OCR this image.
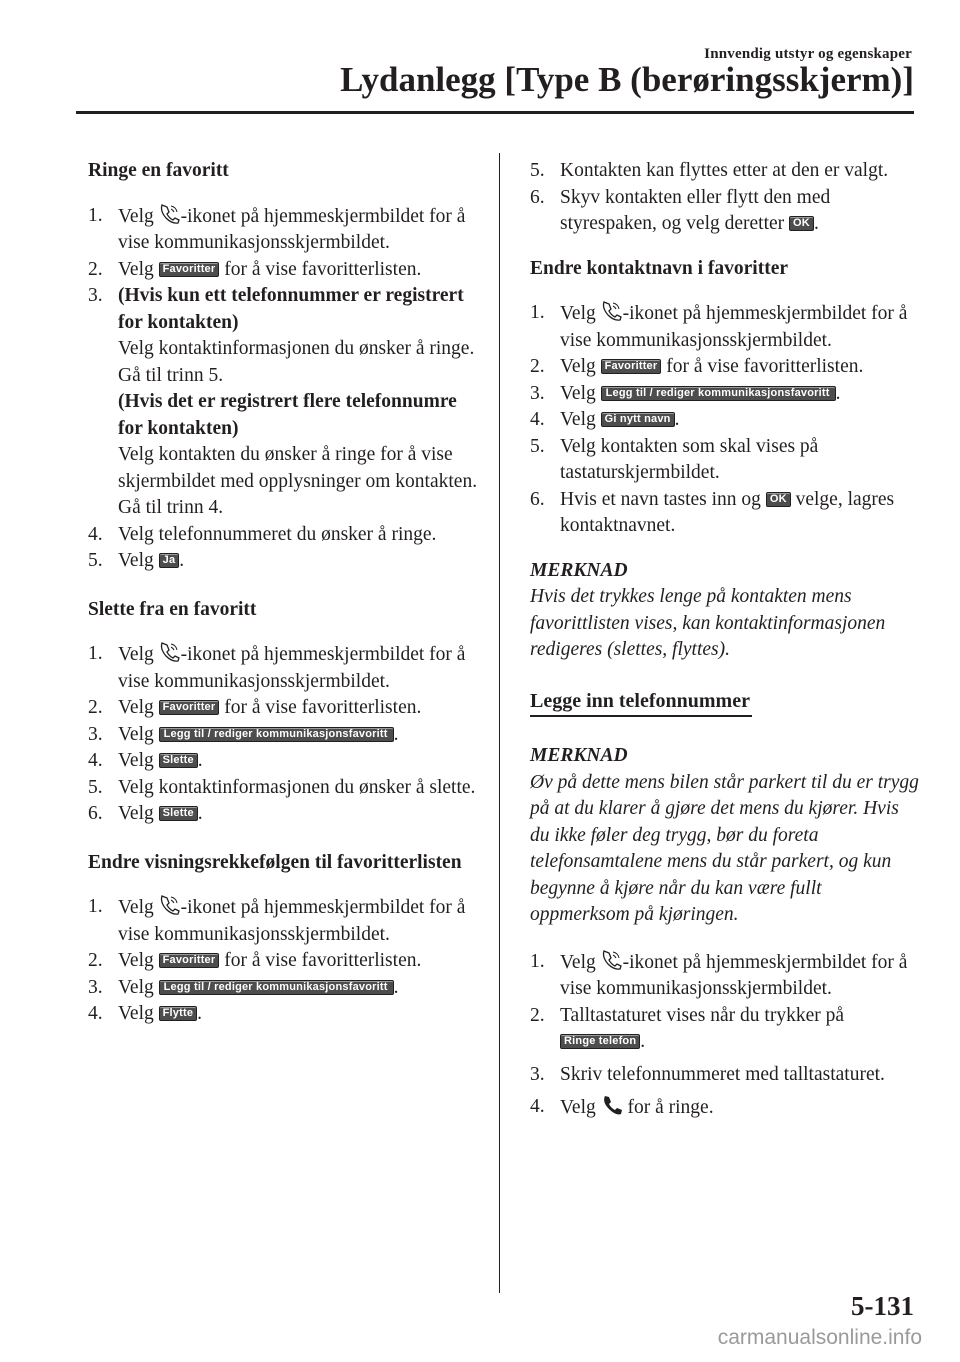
Innvendig utstyr og egenskaper
Lydanlegg [Type B (berøringsskjerm)]
Ringe en favoritt

1. Velg
-ikonet på hjemmeskjermbildet for å vise kommunikasjonsskjermbildet.

2. Velg Favoritter for å vise favoritterlisten.

3. (Hvis kun ett telefonnummer er registrert for kontakten)
Velg kontaktinformasjonen du ønsker å ringe. Gå til trinn 5.
(Hvis det er registrert flere telefonnumre for kontakten)
Velg kontakten du ønsker å ringe for å vise skjermbildet med opplysninger om kontakten. Gå til trinn 4.

4. Velg telefonnummeret du ønsker å ringe.

5. Velg Ja .

Slette fra en favoritt

1. Velg
-ikonet på hjemmeskjermbildet for å vise kommunikasjonsskjermbildet.

2. Velg Favoritter for å vise favoritterlisten.

3. Velg Legg til / rediger kommunikasjonsfavoritt .

4. Velg Slette .

5. Velg kontaktinformasjonen du ønsker å slette.

6. Velg Slette .

Endre visningsrekkefølgen til favoritterlisten

1. Velg
-ikonet på hjemmeskjermbildet for å vise kommunikasjonsskjermbildet.

2. Velg Favoritter for å vise favoritterlisten.

3. Velg Legg til / rediger kommunikasjonsfavoritt .

4. Velg Flytte .

5. Kontakten kan flyttes etter at den er valgt.

6. Skyv kontakten eller flytt den med styrespaken, og velg deretter OK .

Endre kontaktnavn i favoritter

1. Velg
-ikonet på hjemmeskjermbildet for å vise kommunikasjonsskjermbildet.

2. Velg Favoritter for å vise favoritterlisten.

3. Velg Legg til / rediger kommunikasjonsfavoritt .

4. Velg Gi nytt navn .

5. Velg kontakten som skal vises på tastaturskjermbildet.

6. Hvis et navn tastes inn og OK velge, lagres kontaktnavnet.

MERKNAD
Hvis det trykkes lenge på kontakten mens favorittlisten vises, kan kontaktinformasjonen redigeres (slettes, flyttes).
Legge inn telefonnummer
MERKNAD
Øv på dette mens bilen står parkert til du er trygg på at du klarer å gjøre det mens du kjører. Hvis du ikke føler deg trygg, bør du foreta telefonsamtalene mens du står parkert, og kun begynne å kjøre når du kan være fullt oppmerksom på kjøringen.

1. Velg
-ikonet på hjemmeskjermbildet for å vise kommunikasjonsskjermbildet.

2. Talltastaturet vises når du trykker på
Ringe telefon .

3. Skriv telefonnummeret med talltastaturet.

4. Velg
for å ringe.

5-131
carmanualsonline.info
